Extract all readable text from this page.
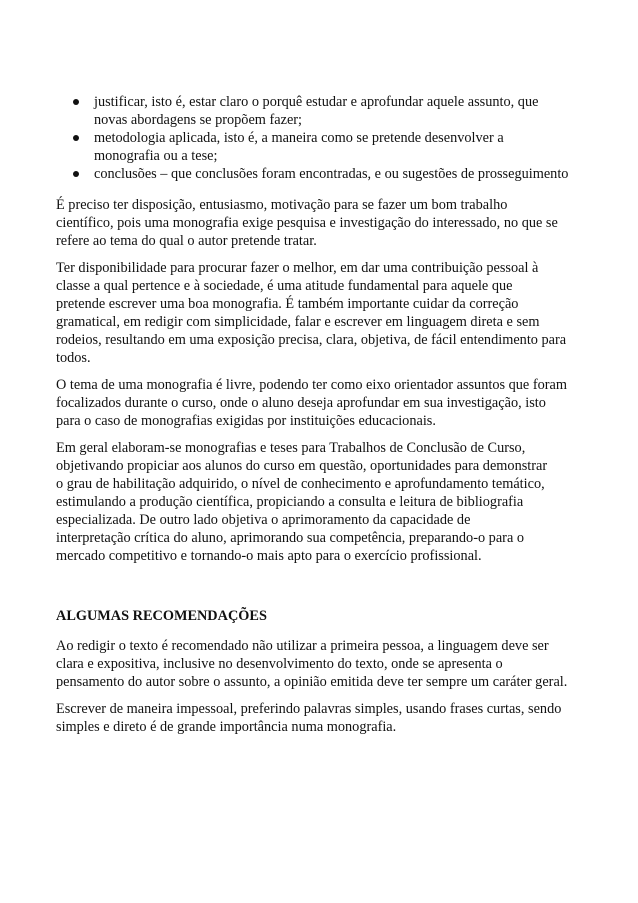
justificar, isto é, estar claro o porquê estudar e aprofundar aquele assunto, que
novas abordagens se propõem fazer;
metodologia aplicada, isto é, a maneira como se pretende desenvolver a
monografia ou a tese;
conclusões – que conclusões foram encontradas, e ou sugestões de prosseguimento
É preciso ter disposição, entusiasmo, motivação para se fazer um bom trabalho
científico, pois uma monografia exige pesquisa e investigação do interessado, no que se
refere ao tema do qual o autor pretende tratar.
Ter disponibilidade para procurar fazer o melhor, em dar uma contribuição pessoal à
classe a qual pertence e à sociedade, é uma atitude fundamental para aquele que
pretende escrever uma boa monografia. É também importante cuidar da correção
gramatical, em redigir com simplicidade, falar e escrever em linguagem direta e sem
rodeios, resultando em uma exposição precisa, clara, objetiva, de fácil entendimento para
todos.
O tema de uma monografia é livre, podendo ter como eixo orientador assuntos que foram
focalizados durante o curso, onde o aluno deseja aprofundar em sua investigação, isto
para o caso de monografias exigidas por instituições educacionais.
Em geral elaboram-se monografias e teses para Trabalhos de Conclusão de Curso,
objetivando propiciar aos alunos do curso em questão, oportunidades para demonstrar
o grau de habilitação adquirido, o nível de conhecimento e aprofundamento temático,
estimulando a produção científica, propiciando a consulta e leitura de bibliografia
especializada. De outro lado objetiva o aprimoramento da capacidade de
interpretação crítica do aluno, aprimorando sua competência, preparando-o para o
mercado competitivo e tornando-o mais apto para o exercício profissional.
ALGUMAS RECOMENDAÇÕES
Ao redigir o texto é recomendado não utilizar a primeira pessoa, a linguagem deve ser
clara e expositiva, inclusive no desenvolvimento do texto, onde se apresenta o
pensamento do autor sobre o assunto, a opinião emitida deve ter sempre um caráter geral.
Escrever de maneira impessoal, preferindo palavras simples, usando frases curtas, sendo
simples e direto é de grande importância numa monografia.
